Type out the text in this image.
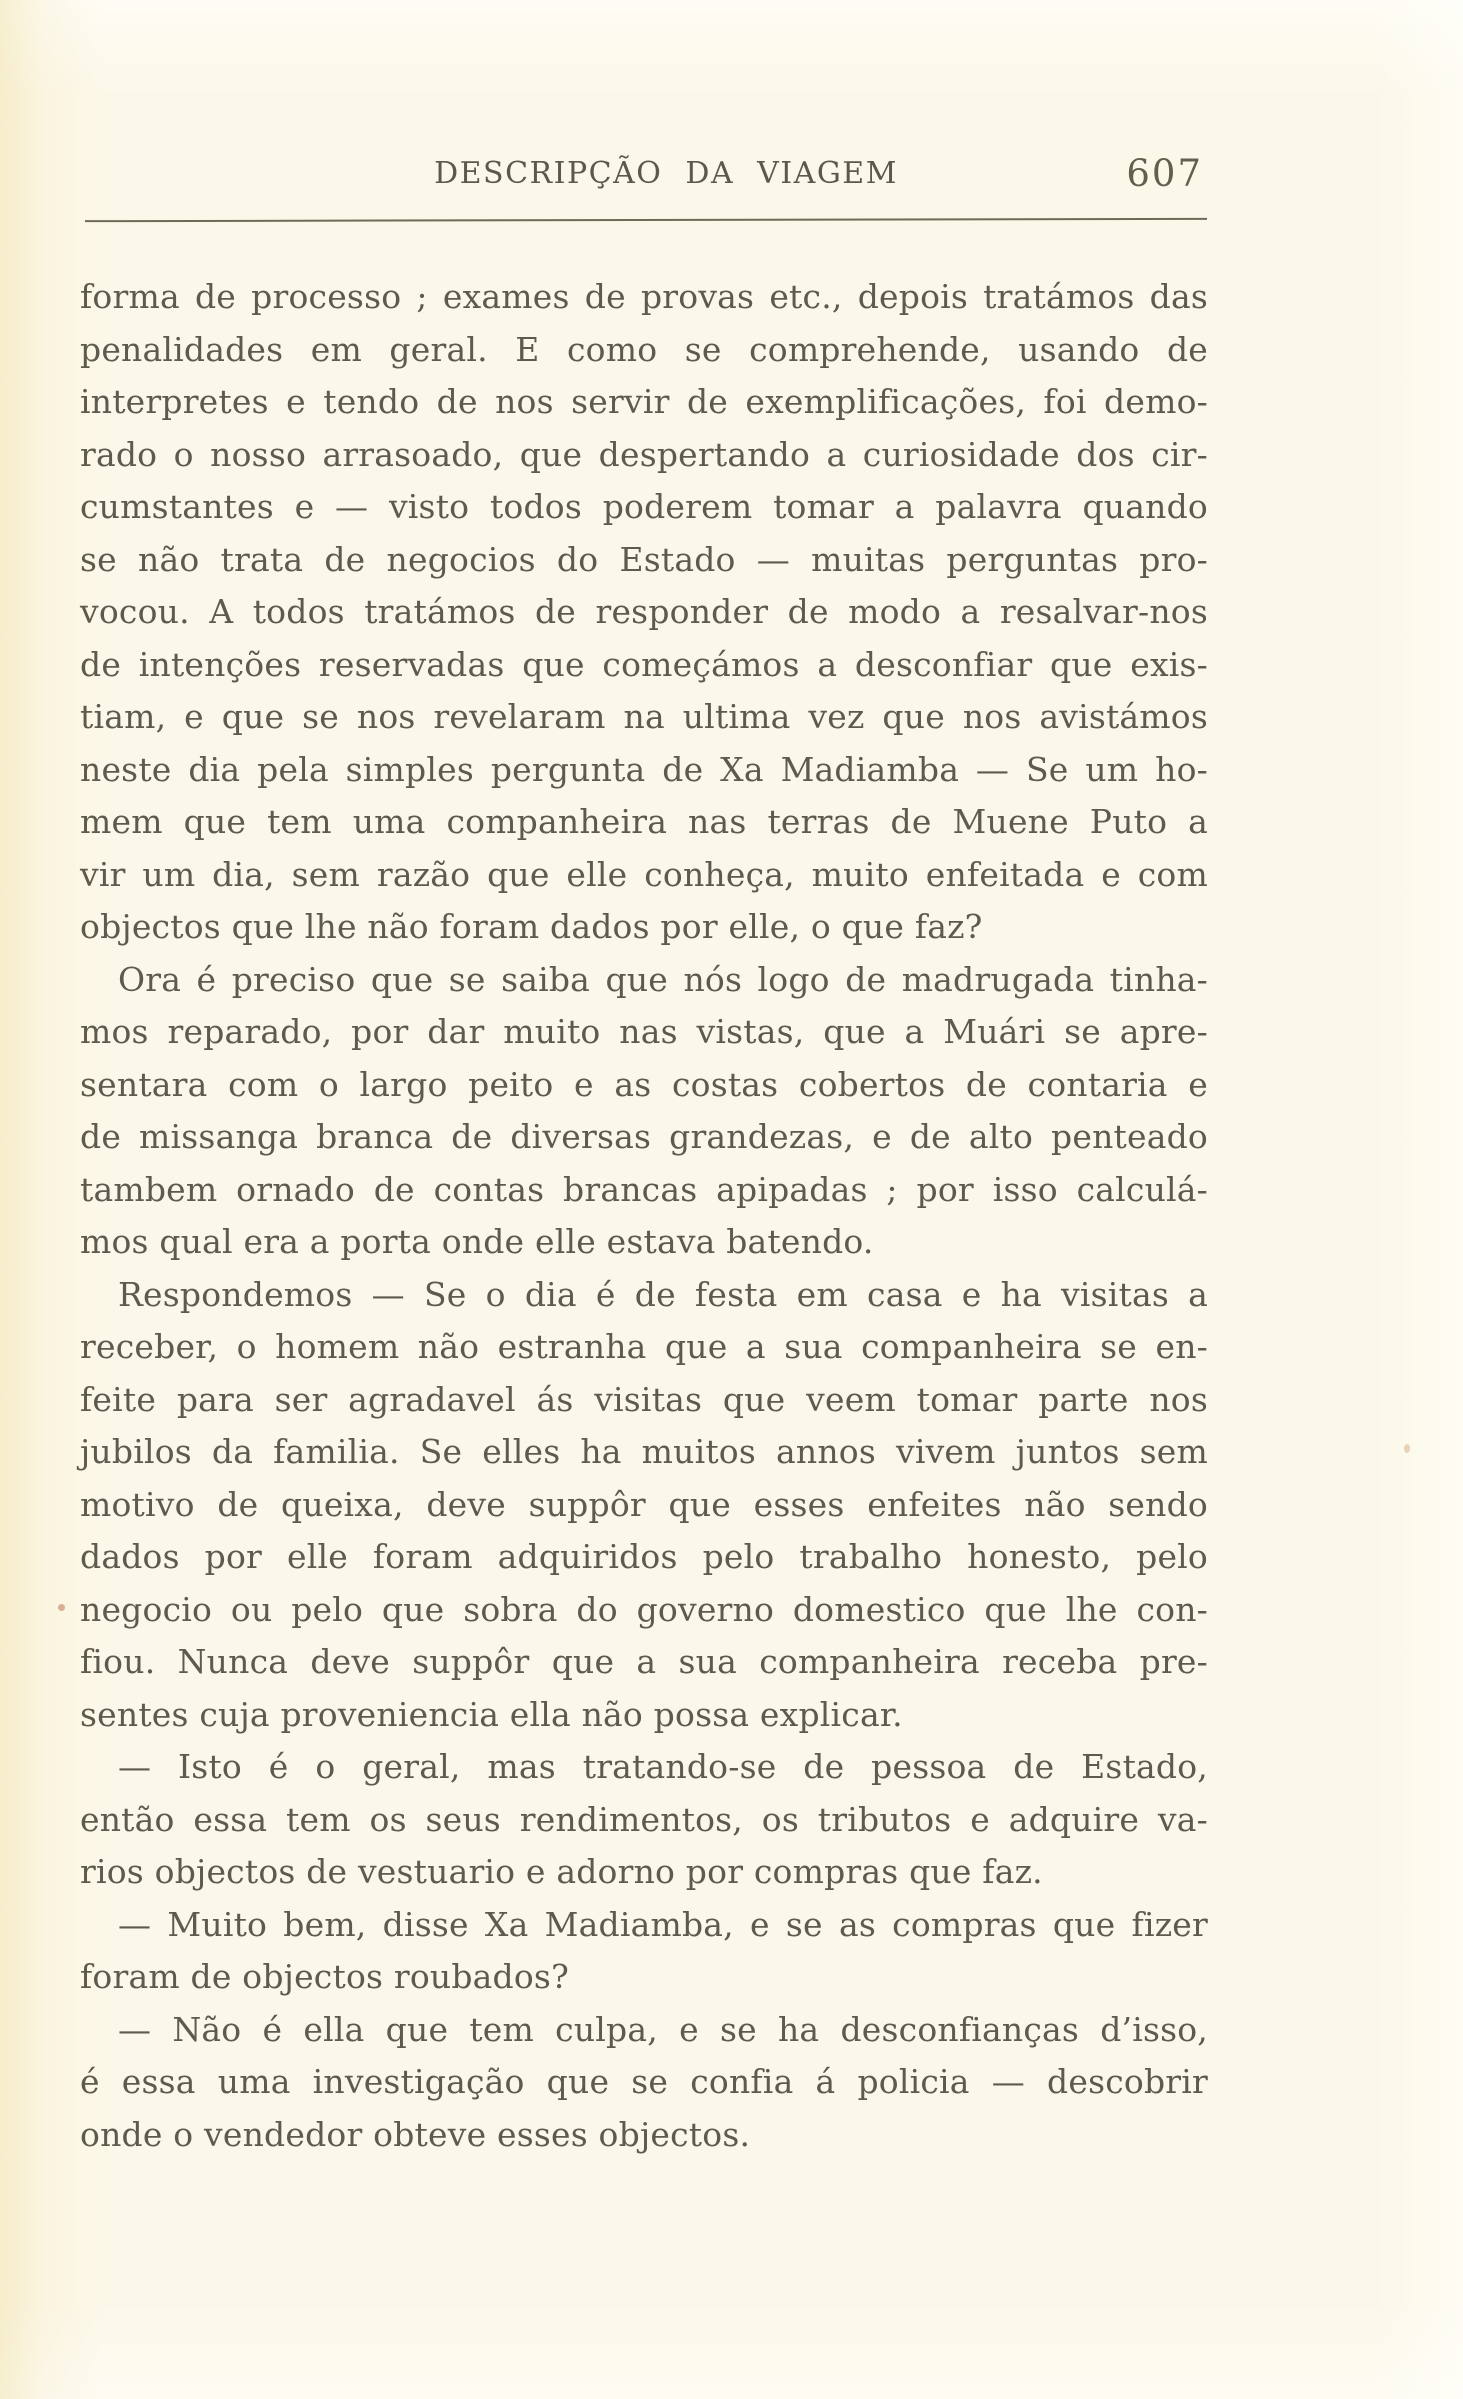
DESCRIPÇÃO DA VIAGEM	607
forma de processo ; exames de provas etc., depois tratámos das
penalidades em geral. E como se comprehende, usando de
interpretes e tendo de nos servir de exemplificações, foi demo-
rado o nosso arrasoado, que despertando a curiosidade dos cir-
cumstantes e — visto todos poderem tomar a palavra quando
se não trata de negocios do Estado — muitas perguntas pro-
vocou. A todos tratámos de responder de modo a resalvar-nos
de intenções reservadas que começámos a desconfiar que exis-
tiam, e que se nos revelaram na ultima vez que nos avistámos
neste dia pela simples pergunta de Xa Madiamba — Se um ho-
mem que tem uma companheira nas terras de Muene Puto a
vir um dia, sem razão que elle conheça, muito enfeitada e com
objectos que lhe não foram dados por elle, o que faz?
Ora é preciso que se saiba que nós logo de madrugada tinha-
mos reparado, por dar muito nas vistas, que a Muári se apre-
sentara com o largo peito e as costas cobertos de contaria e
de missanga branca de diversas grandezas, e de alto penteado
tambem ornado de contas brancas apipadas ; por isso calculá-
mos qual era a porta onde elle estava batendo.
Respondemos — Se o dia é de festa em casa e ha visitas a
receber, o homem não estranha que a sua companheira se en-
feite para ser agradavel ás visitas que veem tomar parte nos
jubilos da familia. Se elles ha muitos annos vivem juntos sem
motivo de queixa, deve suppôr que esses enfeites não sendo
dados por elle foram adquiridos pelo trabalho honesto, pelo
negocio ou pelo que sobra do governo domestico que lhe con-
fiou. Nunca deve suppôr que a sua companheira receba pre-
sentes cuja proveniencia ella não possa explicar.
— Isto é o geral, mas tratando-se de pessoa de Estado,
então essa tem os seus rendimentos, os tributos e adquire va-
rios objectos de vestuario e adorno por compras que faz.
— Muito bem, disse Xa Madiamba, e se as compras que fizer
foram de objectos roubados?
— Não é ella que tem culpa, e se ha desconfianças d’isso,
é essa uma investigação que se confia á policia — descobrir
onde o vendedor obteve esses objectos.
